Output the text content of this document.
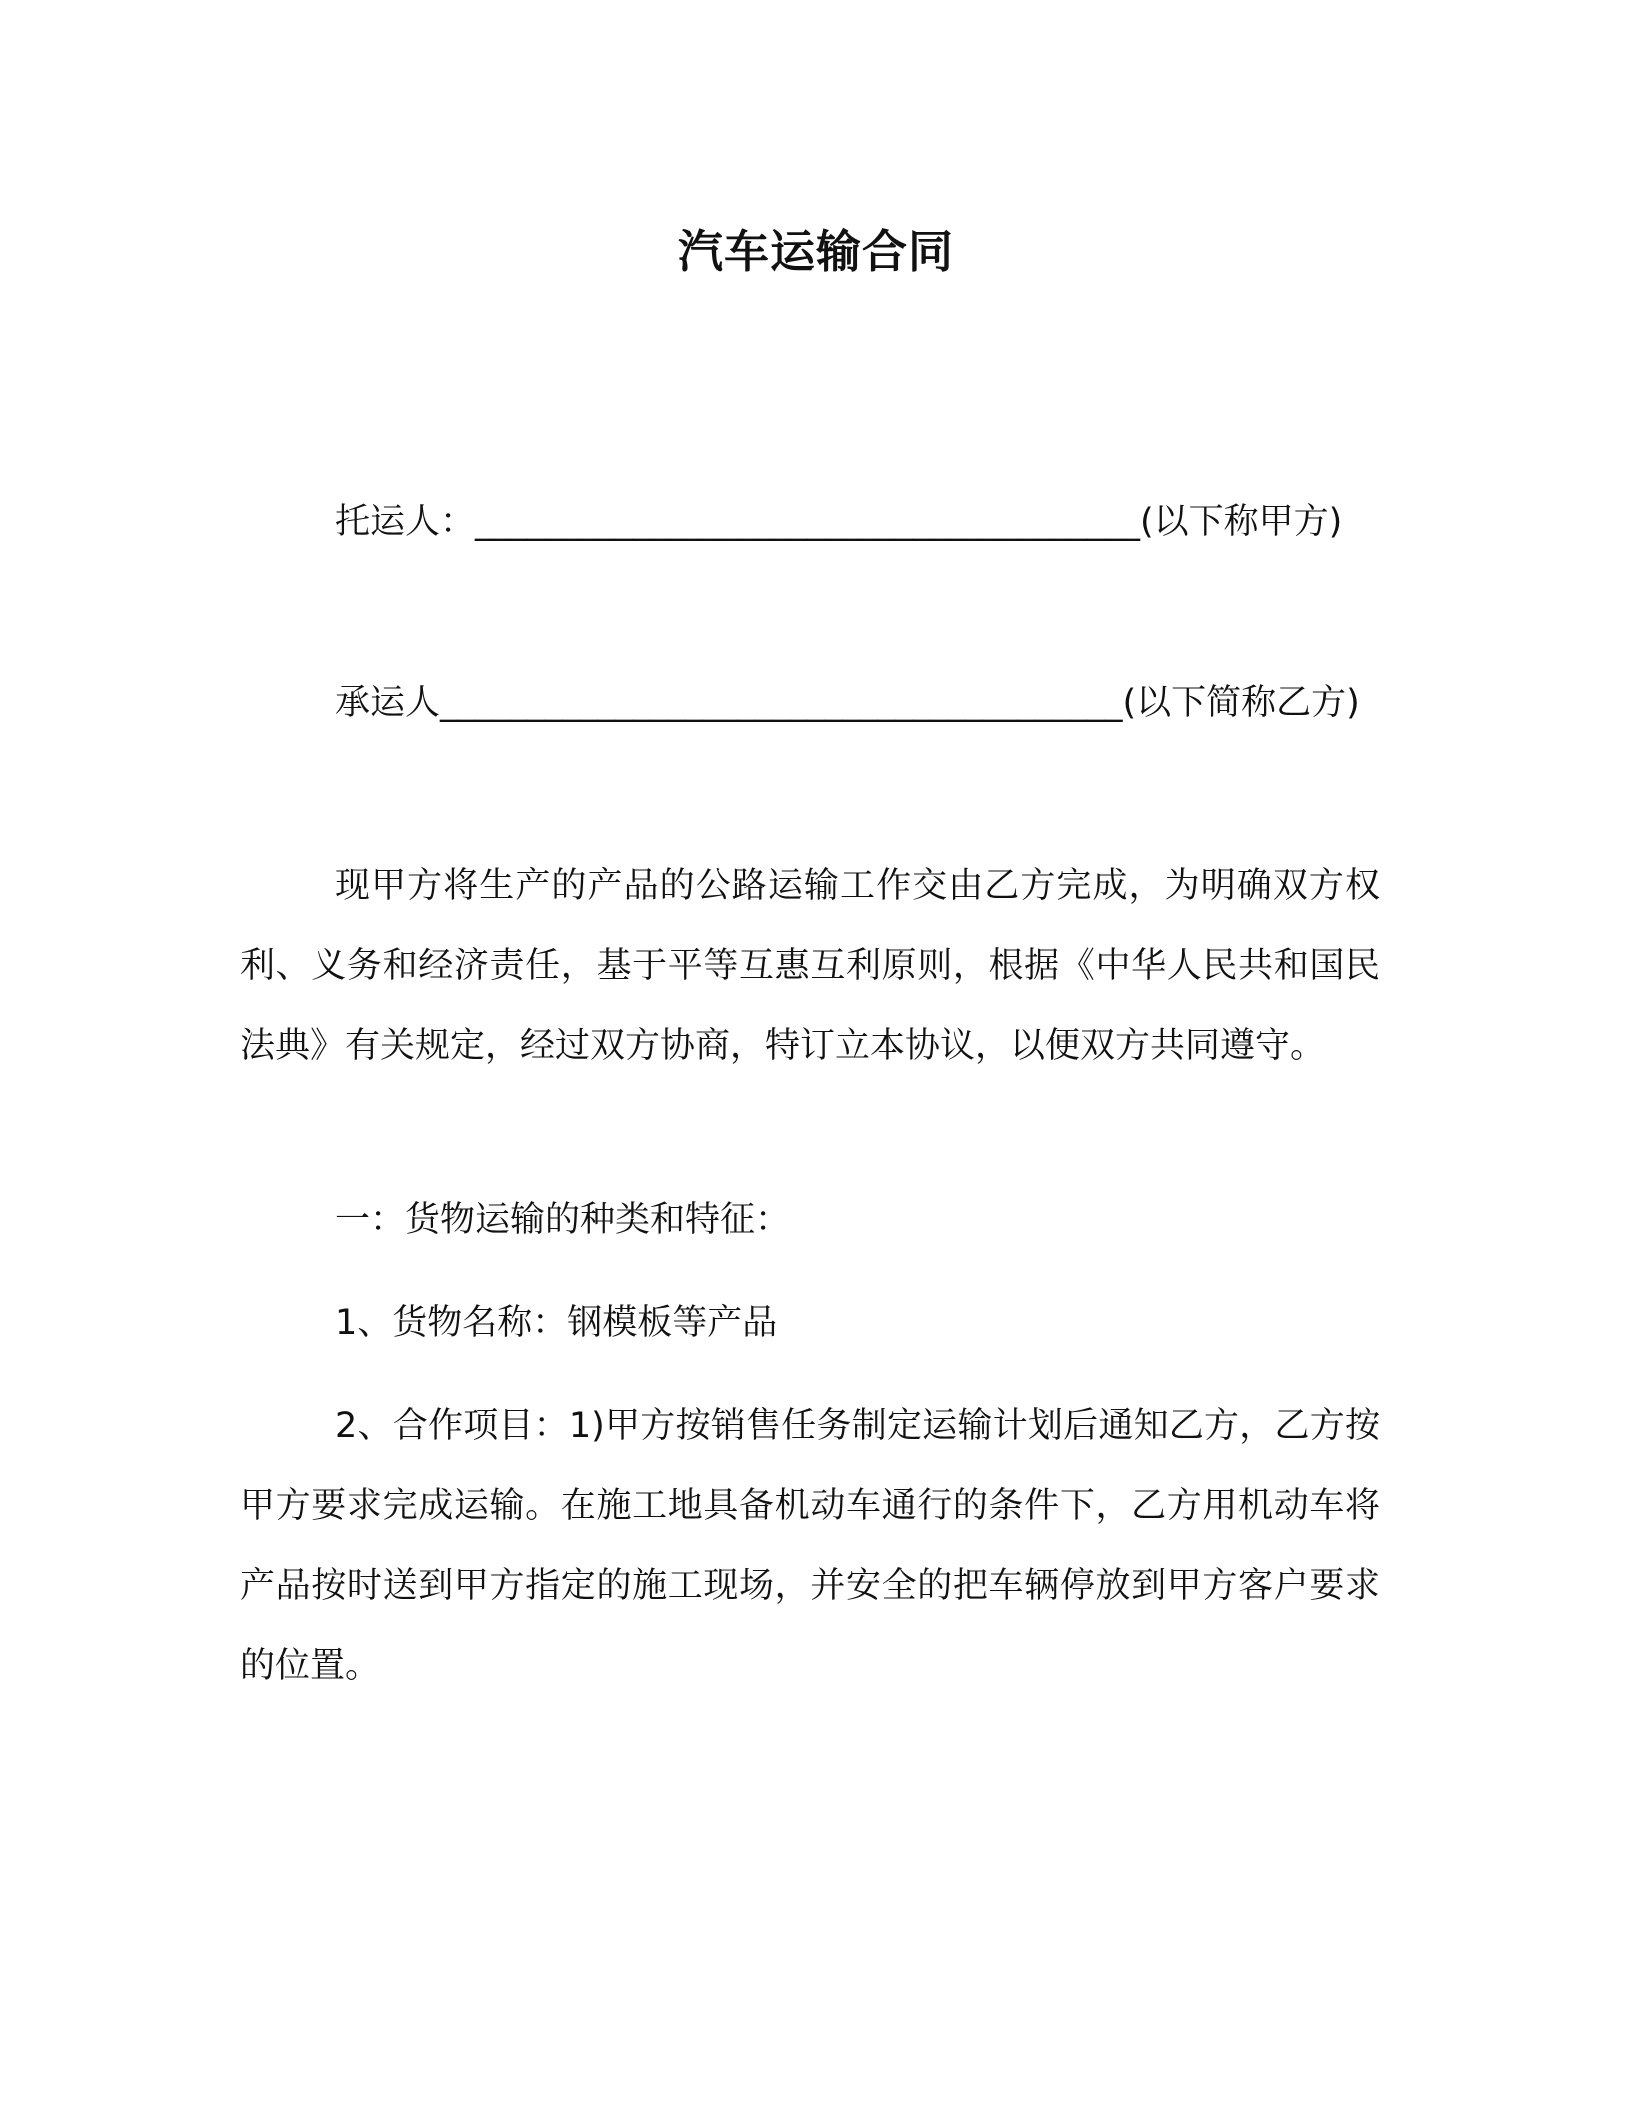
汽车运输合同

托运人：______________________________________(以下称甲方)

承运人_______________________________________(以下简称乙方)

现甲方将生产的产品的公路运输工作交由乙方完成，为明确双方权利、义务和经济责任，基于平等互惠互利原则，根据《中华人民共和国民法典》有关规定，经过双方协商，特订立本协议，以便双方共同遵守。

一：货物运输的种类和特征：

1、货物名称：钢模板等产品

2、合作项目：1)甲方按销售任务制定运输计划后通知乙方，乙方按甲方要求完成运输。在施工地具备机动车通行的条件下，乙方用机动车将产品按时送到甲方指定的施工现场，并安全的把车辆停放到甲方客户要求的位置。
